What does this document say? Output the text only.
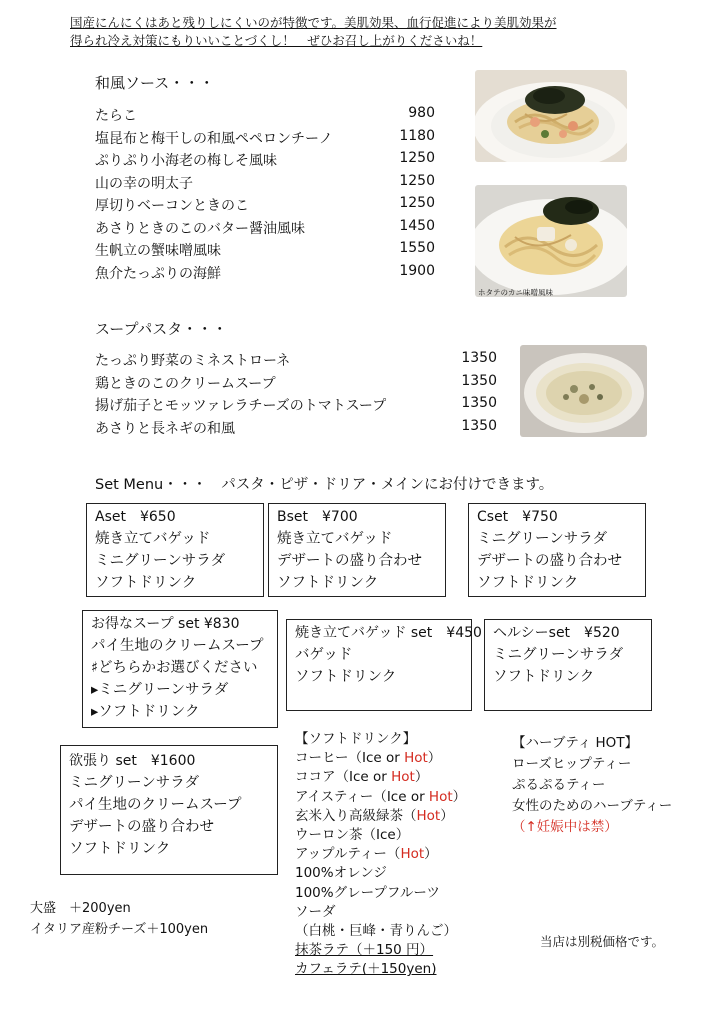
国産にんにくはあと残りしにくいのが特徴です。美肌効果、血行促進により美肌効果が
得られ冷え対策にもりいいことづくし！　ぜひお召し上がりくださいね！
和風ソース・・・
たらこ	980
塩昆布と梅干しの和風ペペロンチーノ	1180
ぷりぷり小海老の梅しそ風味	1250
山の幸の明太子	1250
厚切りベーコンときのこ	1250
あさりときのこのバター醤油風味	1450
生帆立の蟹味噌風味	1550
魚介たっぷりの海鮮	1900
ホタテのカニ味噌風味
スープパスタ・・・
たっぷり野菜のミネストローネ	1350
鶏ときのこのクリームスープ	1350
揚げ茄子とモッツァレラチーズのトマトスープ	1350
あさりと長ネギの和風	1350
Set Menu・・・　パスタ・ピザ・ドリア・メインにお付けできます。
Aset　¥650
焼き立てバゲッド
ミニグリーンサラダ
ソフトドリンク
Bset　¥700
焼き立てバゲッド
デザートの盛り合わせ
ソフトドリンク
Cset　¥750
ミニグリーンサラダ
デザートの盛り合わせ
ソフトドリンク
お得なスープ set ¥830
パイ生地のクリームスープ
♯どちらかお選びください
▸ミニグリーンサラダ
▸ソフトドリンク
焼き立てバゲッド set　¥450
バゲッド
ソフトドリンク
ヘルシーset　¥520
ミニグリーンサラダ
ソフトドリンク
欲張り set　¥1600
ミニグリーンサラダ
パイ生地のクリームスープ
デザートの盛り合わせ
ソフトドリンク
【ソフトドリンク】
コーヒー（Ice or Hot）
ココア（Ice or Hot）
アイスティー（Ice or Hot）
玄米入り高級緑茶（Hot）
ウーロン茶（Ice）
アップルティー（Hot）
100%オレンジ
100%グレープフルーツ
ソーダ
（白桃・巨峰・青りんご）
抹茶ラテ（＋150 円）
カフェラテ(＋150yen)
【ハーブティ HOT】
ローズヒップティー
ぷるぷるティー
女性のためのハーブティー
（↑妊娠中は禁）
大盛　＋200yen
イタリア産粉チーズ＋100yen
当店は別税価格です。
